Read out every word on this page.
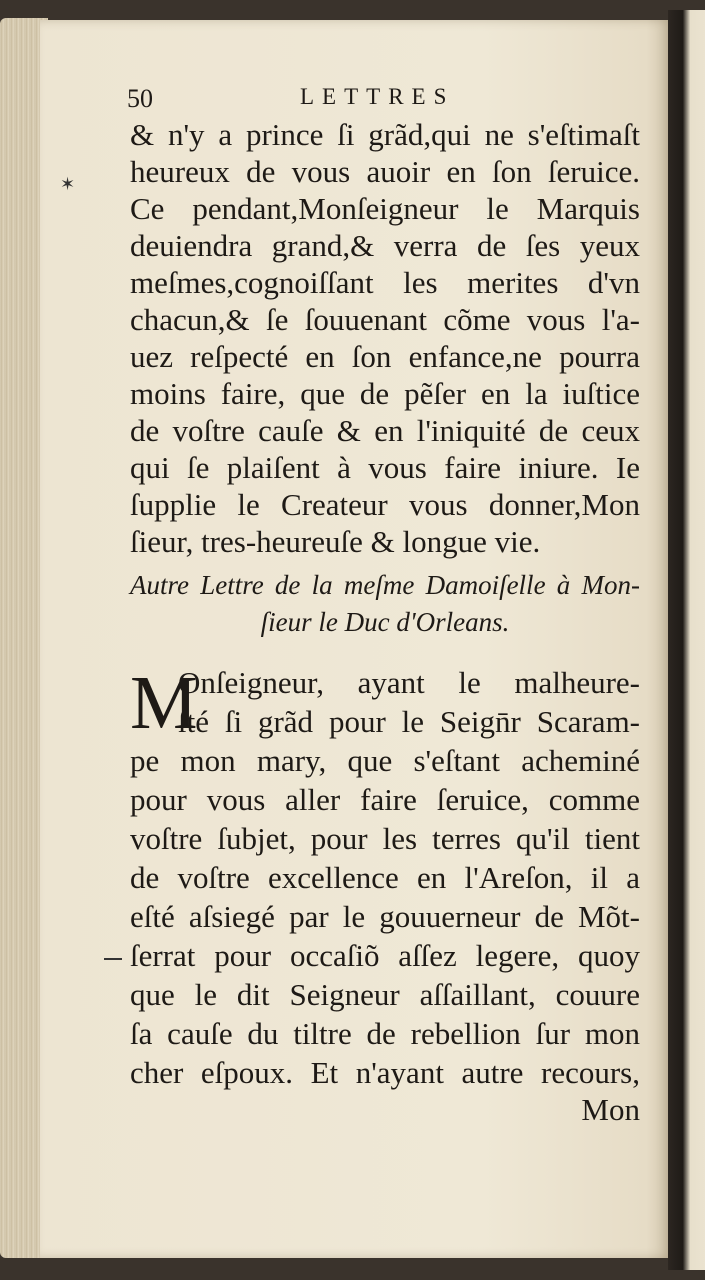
50	LETTRES
✶
& n'y a prince ſi grãd,qui ne s'eſtimaſt
heureux de vous auoir en ſon ſeruice.
Ce pendant,Monſeigneur le Marquis
deuiendra grand,& verra de ſes yeux
meſmes,cognoiſſant les merites d'vn
chacun,& ſe ſouuenant cõme vous l'a-
uez reſpecté en ſon enfance,ne pourra
moins faire, que de pẽſer en la iuſtice
de voſtre cauſe & en l'iniquité de ceux
qui ſe plaiſent à vous faire iniure. Ie
ſupplie le Createur vous donner,Mon
ſieur, tres-heureuſe & longue vie.
Autre Lettre de la meſme Damoiſelle à Mon-
ſieur le Duc d'Orleans.
M
Onſeigneur, ayant le malheure-
ſté ſi grãd pour le Seign̄r Scaram-
pe mon mary, que s'eſtant acheminé
pour vous aller faire ſeruice, comme
voſtre ſubjet, pour les terres qu'il tient
de voſtre excellence en l'Areſon, il a
eſté aſsiegé par le gouuerneur de Mõt-
ſerrat pour occaſiõ aſſez legere, quoy
que le dit Seigneur aſſaillant, couure
ſa cauſe du tiltre de rebellion ſur mon
cher eſpoux. Et n'ayant autre recours,
Mon
